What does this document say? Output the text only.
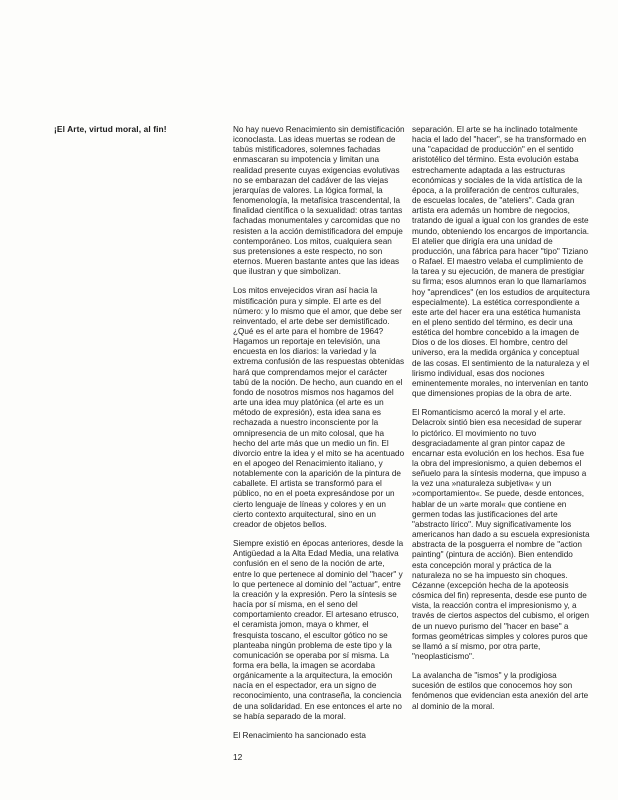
¡El Arte, virtud moral, al fin!	No hay nuevo Renacimiento sin demistificación iconoclasta. Las ideas muertas se rodean de tabús mistificadores, solemnes fachadas enmascaran su impotencia y limitan una realidad presente cuyas exigencias evolutivas no se embarazan del cadáver de las viejas jerarquías de valores. La lógica formal, la fenomenología, la metafísica trascendental, la finalidad científica o la sexualidad: otras tantas fachadas monumentales y carcomidas que no resisten a la acción demistificadora del empuje contemporáneo. Los mitos, cualquiera sean sus pretensiones a este respecto, no son eternos. Mueren bastante antes que las ideas que ilustran y que simbolizan.

Los mitos envejecidos viran así hacia la mistificación pura y simple. El arte es del número: y lo mismo que el amor, que debe ser reinventado, el arte debe ser demistificado. ¿Qué es el arte para el hombre de 1964? Hagamos un reportaje en televisión, una encuesta en los diarios: la variedad y la extrema confusión de las respuestas obtenidas hará que comprendamos mejor el carácter tabú de la noción. De hecho, aun cuando en el fondo de nosotros mismos nos hagamos del arte una idea muy platónica (el arte es un método de expresión), esta idea sana es rechazada a nuestro inconsciente por la omnipresencia de un mito colosal, que ha hecho del arte más que un medio un fin. El divorcio entre la idea y el mito se ha acentuado en el apogeo del Renacimiento italiano, y notablemente con la aparición de la pintura de caballete. El artista se transformó para el público, no en el poeta expresándose por un cierto lenguaje de líneas y colores y en un cierto contexto arquitectural, sino en un creador de objetos bellos.

Siempre existió en épocas anteriores, desde la Antigüedad a la Alta Edad Media, una relativa confusión en el seno de la noción de arte, entre lo que pertenece al dominio del "hacer" y lo que pertenece al dominio del "actuar", entre la creación y la expresión. Pero la síntesis se hacía por sí misma, en el seno del comportamiento creador. El artesano etrusco, el ceramista jomon, maya o khmer, el fresquista toscano, el escultor gótico no se planteaba ningún problema de este tipo y la comunicación se operaba por sí misma. La forma era bella, la imagen se acordaba orgánicamente a la arquitectura, la emoción nacía en el espectador, era un signo de reconocimiento, una contraseña, la conciencia de una solidaridad. En ese entonces el arte no se había separado de la moral.

El Renacimiento ha sancionado esta

separación. El arte se ha inclinado totalmente hacia el lado del "hacer", se ha transformado en una "capacidad de producción" en el sentido aristotélico del término. Esta evolución estaba estrechamente adaptada a las estructuras económicas y sociales de la vida artística de la época, a la proliferación de centros culturales, de escuelas locales, de "ateliers". Cada gran artista era además un hombre de negocios, tratando de igual a igual con los grandes de este mundo, obteniendo los encargos de importancia. El atelier que dirigía era una unidad de producción, una fábrica para hacer "tipo" Tiziano o Rafael. El maestro velaba el cumplimiento de la tarea y su ejecución, de manera de prestigiar su firma; esos alumnos eran lo que llamaríamos hoy "aprendices" (en los estudios de arquitectura especialmente). La estética correspondiente a este arte del hacer era una estética humanista en el pleno sentido del término, es decir una estética del hombre concebido a la imagen de Dios o de los dioses. El hombre, centro del universo, era la medida orgánica y conceptual de las cosas. El sentimiento de la naturaleza y el lirismo individual, esas dos nociones eminentemente morales, no intervenían en tanto que dimensiones propias de la obra de arte.

El Romanticismo acercó la moral y el arte. Delacroix sintió bien esa necesidad de superar lo pictórico. El movimiento no tuvo desgraciadamente al gran pintor capaz de encarnar esta evolución en los hechos. Esa fue la obra del impresionismo, a quien debemos el señuelo para la síntesis moderna, que impuso a la vez una »naturaleza subjetiva« y un »comportamiento«. Se puede, desde entonces, hablar de un »arte moral« que contiene en germen todas las justificaciones del arte "abstracto lírico". Muy significativamente los americanos han dado a su escuela expresionista abstracta de la posguerra el nombre de "action painting" (pintura de acción). Bien entendido esta concepción moral y práctica de la naturaleza no se ha impuesto sin choques. Cézanne (excepción hecha de la apoteosis cósmica del fin) representa, desde ese punto de vista, la reacción contra el impresionismo y, a través de ciertos aspectos del cubismo, el origen de un nuevo purismo del "hacer en base" a formas geométricas simples y colores puros que se llamó a sí mismo, por otra parte, "neoplasticismo".

La avalancha de "ismos" y la prodigiosa sucesión de estilos que conocemos hoy son fenómenos que evidencian esta anexión del arte al dominio de la moral.

12
